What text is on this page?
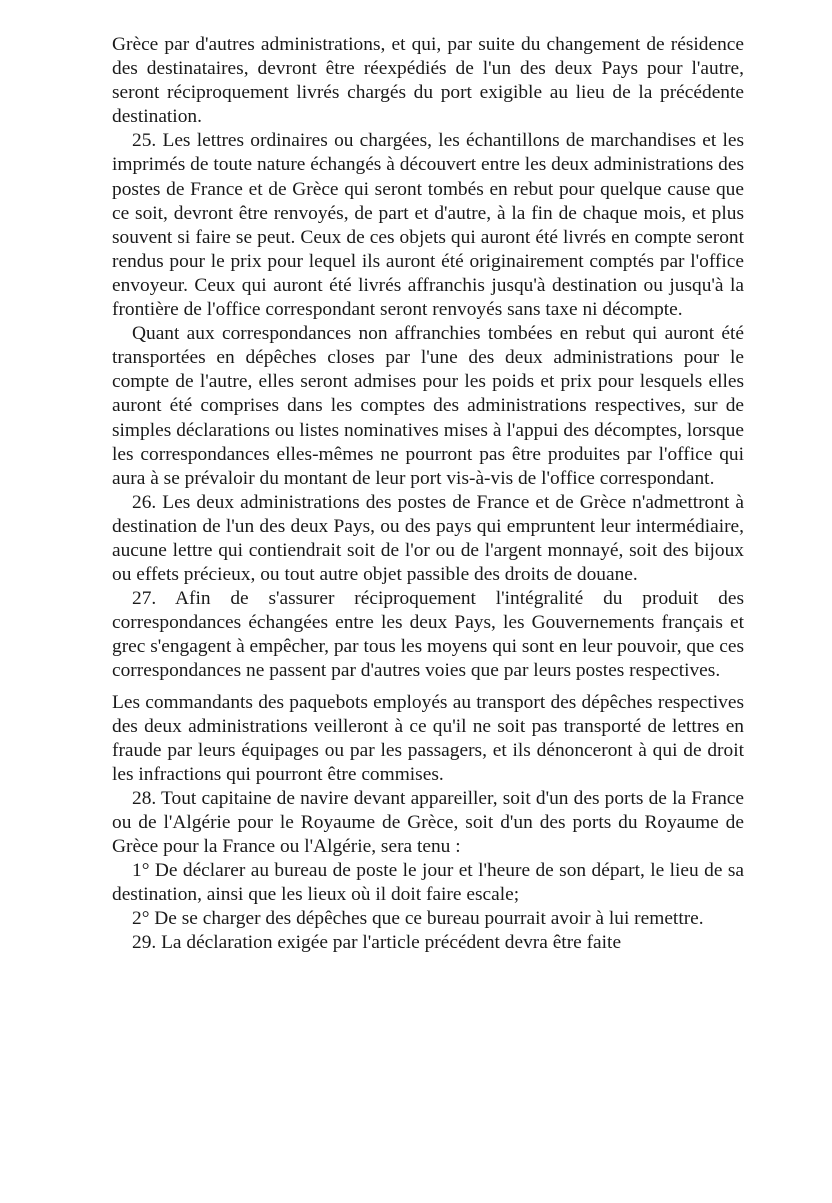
Grèce par d'autres administrations, et qui, par suite du changement de résidence des destinataires, devront être réexpédiés de l'un des deux Pays pour l'autre, seront réciproquement livrés chargés du port exigible au lieu de la précédente destination.

25. Les lettres ordinaires ou chargées, les échantillons de marchandises et les imprimés de toute nature échangés à découvert entre les deux administrations des postes de France et de Grèce qui seront tombés en rebut pour quelque cause que ce soit, devront être renvoyés, de part et d'autre, à la fin de chaque mois, et plus souvent si faire se peut. Ceux de ces objets qui auront été livrés en compte seront rendus pour le prix pour lequel ils auront été originairement comptés par l'office envoyeur. Ceux qui auront été livrés affranchis jusqu'à destination ou jusqu'à la frontière de l'office correspondant seront renvoyés sans taxe ni décompte.

Quant aux correspondances non affranchies tombées en rebut qui auront été transportées en dépêches closes par l'une des deux administrations pour le compte de l'autre, elles seront admises pour les poids et prix pour lesquels elles auront été comprises dans les comptes des administrations respectives, sur de simples déclarations ou listes nominatives mises à l'appui des décomptes, lorsque les correspondances elles-mêmes ne pourront pas être produites par l'office qui aura à se prévaloir du montant de leur port vis-à-vis de l'office correspondant.

26. Les deux administrations des postes de France et de Grèce n'admettront à destination de l'un des deux Pays, ou des pays qui empruntent leur intermédiaire, aucune lettre qui contiendrait soit de l'or ou de l'argent monnayé, soit des bijoux ou effets précieux, ou tout autre objet passible des droits de douane.

27. Afin de s'assurer réciproquement l'intégralité du produit des correspondances échangées entre les deux Pays, les Gouvernements français et grec s'engagent à empêcher, par tous les moyens qui sont en leur pouvoir, que ces correspondances ne passent par d'autres voies que par leurs postes respectives.

Les commandants des paquebots employés au transport des dépêches respectives des deux administrations veilleront à ce qu'il ne soit pas transporté de lettres en fraude par leurs équipages ou par les passagers, et ils dénonceront à qui de droit les infractions qui pourront être commises.

28. Tout capitaine de navire devant appareiller, soit d'un des ports de la France ou de l'Algérie pour le Royaume de Grèce, soit d'un des ports du Royaume de Grèce pour la France ou l'Algérie, sera tenu :

1° De déclarer au bureau de poste le jour et l'heure de son départ, le lieu de sa destination, ainsi que les lieux où il doit faire escale;

2° De se charger des dépêches que ce bureau pourrait avoir à lui remettre.

29. La déclaration exigée par l'article précédent devra être faite
